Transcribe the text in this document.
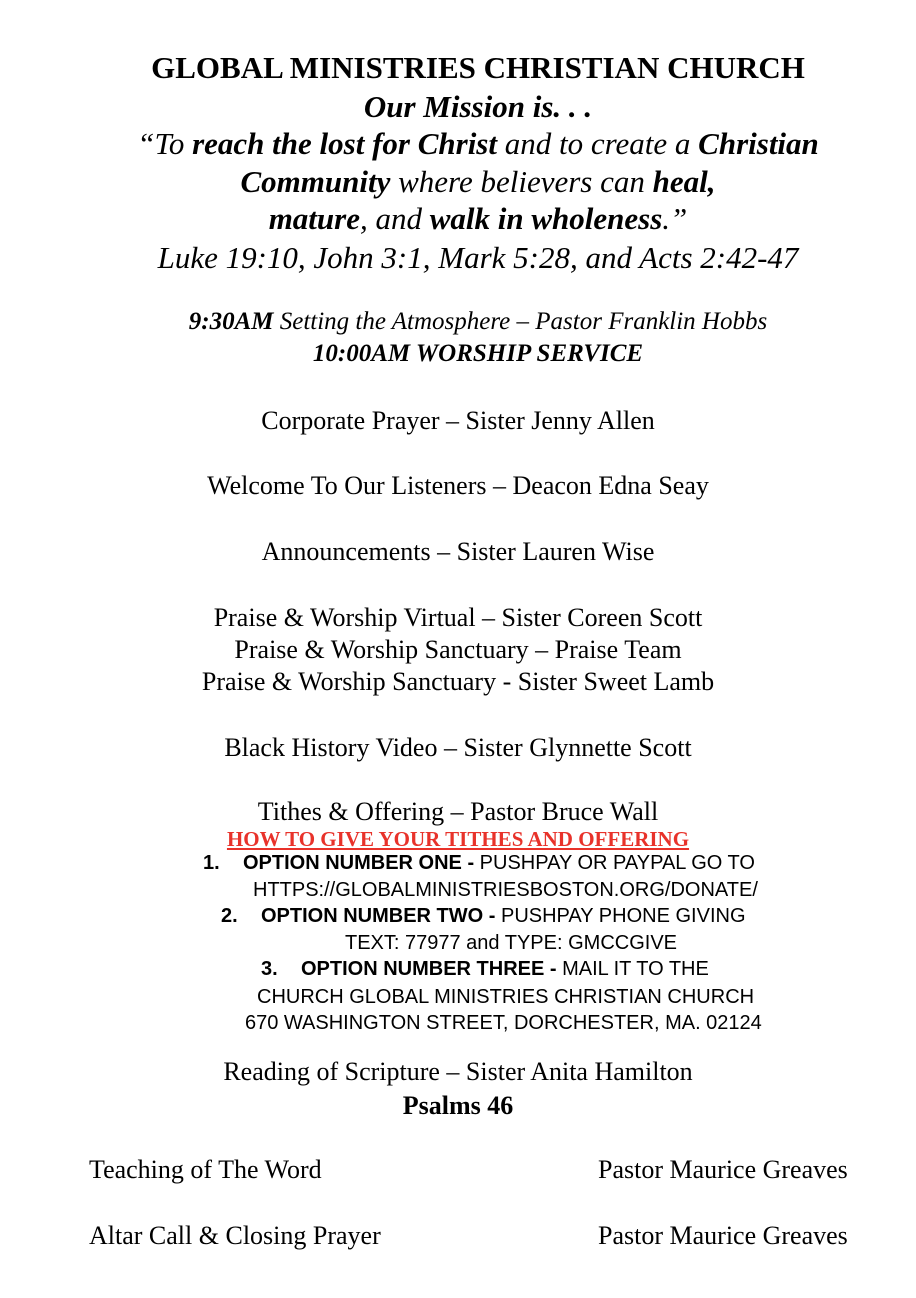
GLOBAL MINISTRIES CHRISTIAN CHURCH
Our Mission is. . .
“To reach the lost for Christ and to create a Christian
Community where believers can heal,
mature, and walk in wholeness.”
Luke 19:10, John 3:1, Mark 5:28, and Acts 2:42-47
9:30AM Setting the Atmosphere – Pastor Franklin Hobbs
10:00AM WORSHIP SERVICE
Corporate Prayer – Sister Jenny Allen
Welcome To Our Listeners – Deacon Edna Seay
Announcements – Sister Lauren Wise
Praise & Worship Virtual – Sister Coreen Scott
Praise & Worship Sanctuary – Praise Team
Praise & Worship Sanctuary - Sister Sweet Lamb
Black History Video – Sister Glynnette Scott
Tithes & Offering – Pastor Bruce Wall
HOW TO GIVE YOUR TITHES AND OFFERING
1. OPTION NUMBER ONE - PUSHPAY OR PAYPAL GO TO
HTTPS://GLOBALMINISTRIESBOSTON.ORG/DONATE/
2. OPTION NUMBER TWO - PUSHPAY PHONE GIVING
TEXT: 77977 and TYPE: GMCCGIVE
3. OPTION NUMBER THREE - MAIL IT TO THE
CHURCH GLOBAL MINISTRIES CHRISTIAN CHURCH
670 WASHINGTON STREET, DORCHESTER, MA. 02124
Reading of Scripture – Sister Anita Hamilton
Psalms 46
Teaching of The Word	Pastor Maurice Greaves
Altar Call & Closing Prayer	Pastor Maurice Greaves
